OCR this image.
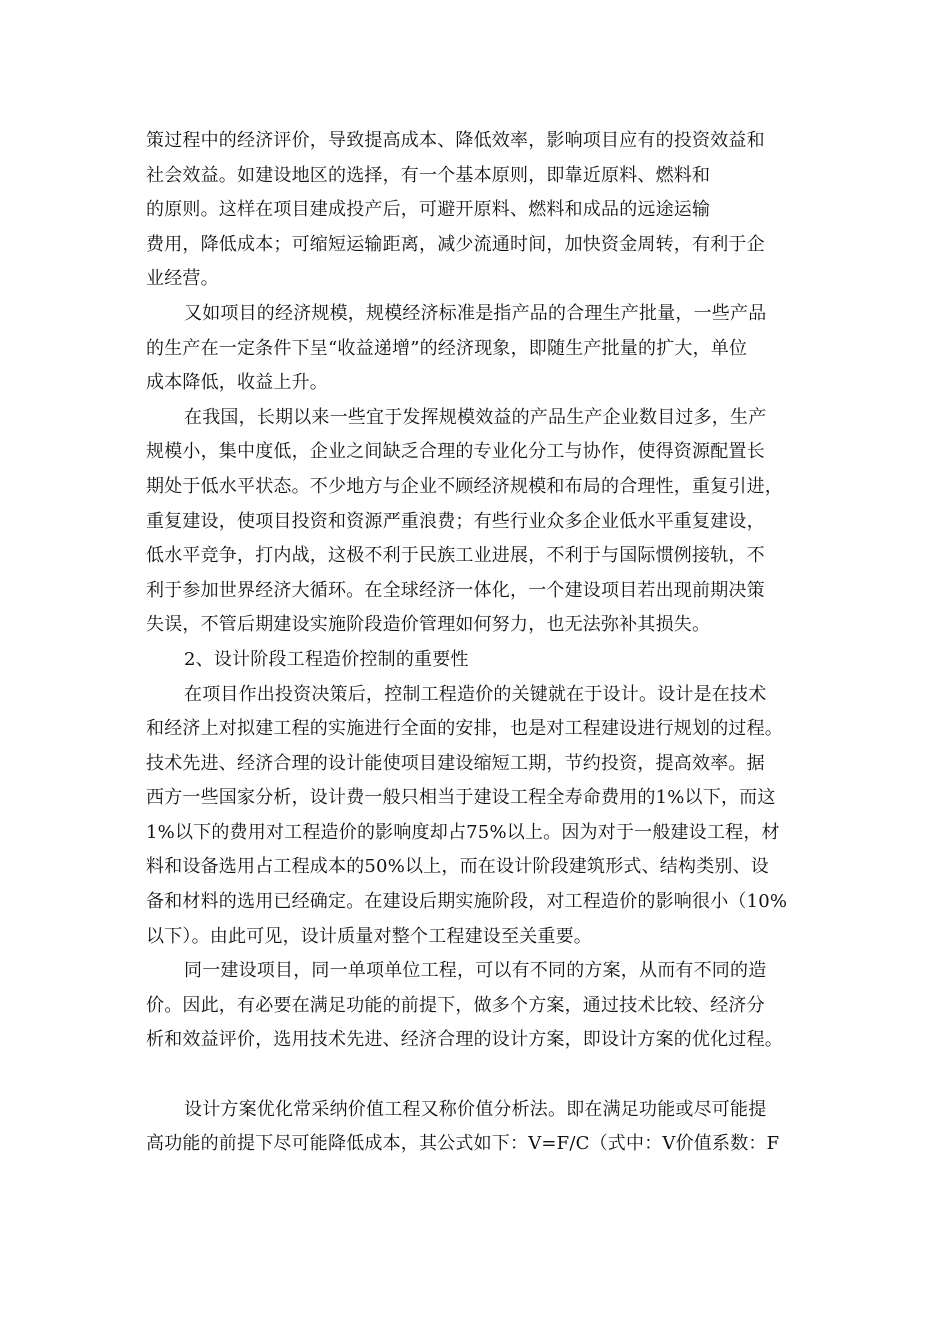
策过程中的经济评价，导致提高成本、降低效率，影响项目应有的投资效益和
社会效益。如建设地区的选择，有一个基本原则，即靠近原料、燃料和
的原则。这样在项目建成投产后，可避开原料、燃料和成品的远途运输
费用，降低成本；可缩短运输距离，减少流通时间，加快资金周转，有利于企
业经营。
又如项目的经济规模，规模经济标准是指产品的合理生产批量，一些产品
的生产在一定条件下呈“收益递增”的经济现象，即随生产批量的扩大，单位
成本降低，收益上升。
在我国，长期以来一些宜于发挥规模效益的产品生产企业数目过多，生产
规模小，集中度低，企业之间缺乏合理的专业化分工与协作，使得资源配置长
期处于低水平状态。不少地方与企业不顾经济规模和布局的合理性，重复引进，
重复建设，使项目投资和资源严重浪费；有些行业众多企业低水平重复建设，
低水平竞争，打内战，这极不利于民族工业进展，不利于与国际惯例接轨，不
利于参加世界经济大循环。在全球经济一体化，一个建设项目若出现前期决策
失误，不管后期建设实施阶段造价管理如何努力，也无法弥补其损失。
2、设计阶段工程造价控制的重要性
在项目作出投资决策后，控制工程造价的关键就在于设计。设计是在技术
和经济上对拟建工程的实施进行全面的安排，也是对工程建设进行规划的过程。
技术先进、经济合理的设计能使项目建设缩短工期，节约投资，提高效率。据
西方一些国家分析，设计费一般只相当于建设工程全寿命费用的1%以下，而这
1%以下的费用对工程造价的影响度却占75%以上。因为对于一般建设工程，材
料和设备选用占工程成本的50%以上，而在设计阶段建筑形式、结构类别、设
备和材料的选用已经确定。在建设后期实施阶段，对工程造价的影响很小（10%
以下）。由此可见，设计质量对整个工程建设至关重要。
同一建设项目，同一单项单位工程，可以有不同的方案，从而有不同的造
价。因此，有必要在满足功能的前提下，做多个方案，通过技术比较、经济分
析和效益评价，选用技术先进、经济合理的设计方案，即设计方案的优化过程。
设计方案优化常采纳价值工程又称价值分析法。即在满足功能或尽可能提
高功能的前提下尽可能降低成本，其公式如下：V=F/C（式中：V价值系数：F
